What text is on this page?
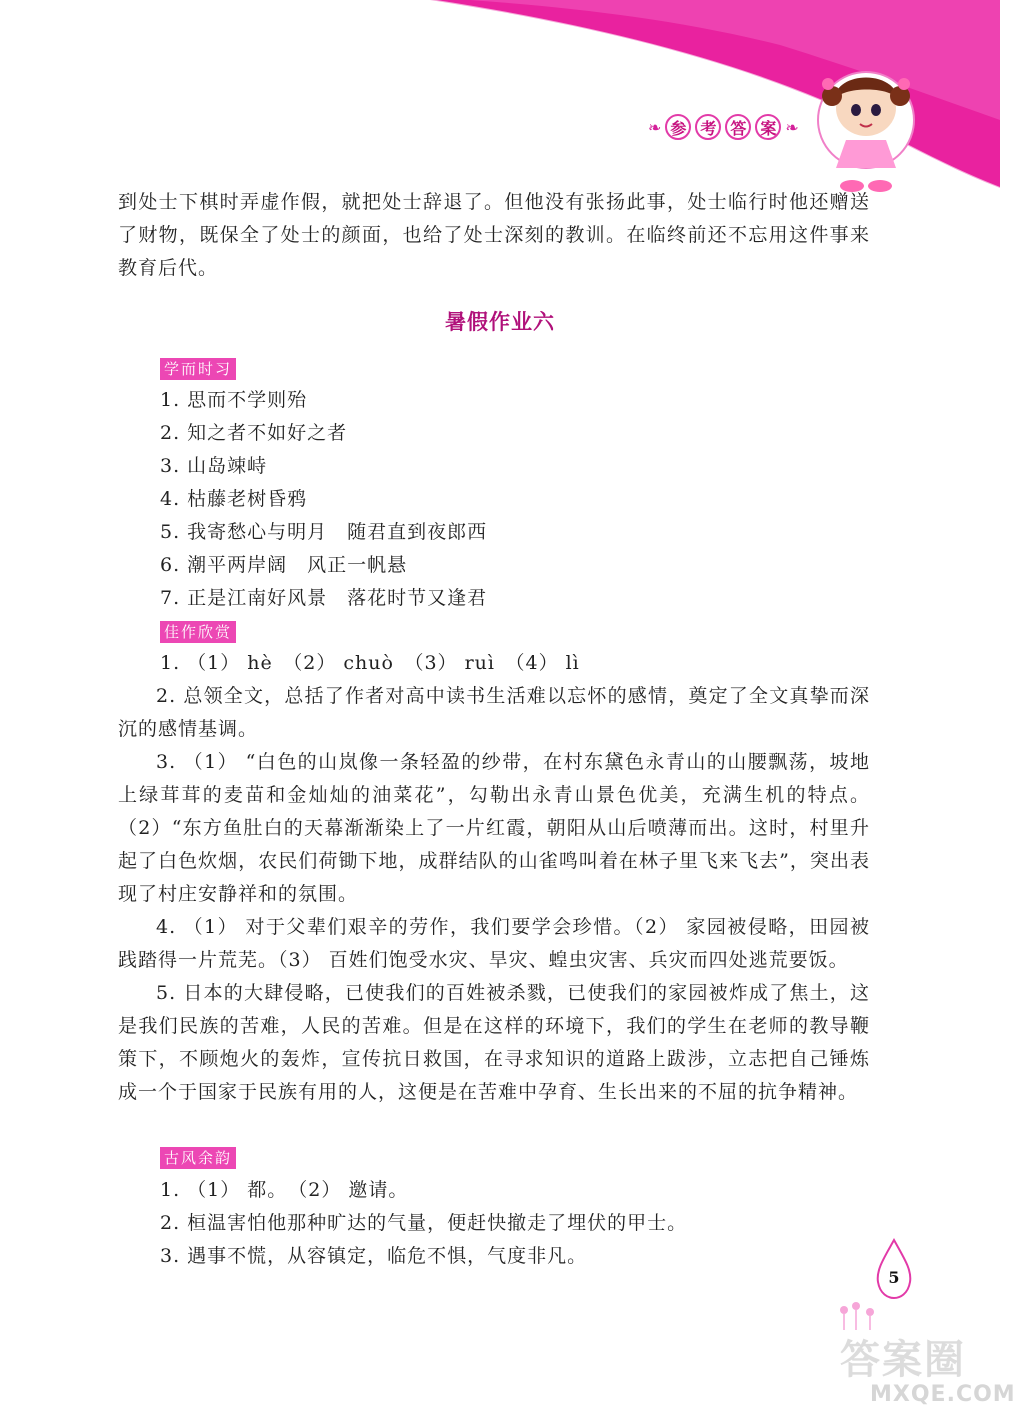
❧ 参 考 答 案 ❧

到处士下棋时弄虚作假，就把处士辞退了。但他没有张扬此事，处士临行时他还赠送了财物，既保全了处士的颜面，也给了处士深刻的教训。在临终前还不忘用这件事来教育后代。

暑假作业六
学而时习
1. 思而不学则殆
2. 知之者不如好之者
3. 山岛竦峙
4. 枯藤老树昏鸦
5. 我寄愁心与明月　随君直到夜郎西
6. 潮平两岸阔　风正一帆悬
7. 正是江南好风景　落花时节又逢君
佳作欣赏
1. （1） hè　（2） chuò　（3） ruì　（4） lì

2. 总领全文，总括了作者对高中读书生活难以忘怀的感情，奠定了全文真挚而深沉的感情基调。

3. （1） “白色的山岚像一条轻盈的纱带，在村东黛色永青山的山腰飘荡，坡地上绿茸茸的麦苗和金灿灿的油菜花”，勾勒出永青山景色优美，充满生机的特点。（2）“东方鱼肚白的天幕渐渐染上了一片红霞，朝阳从山后喷薄而出。这时，村里升起了白色炊烟，农民们荷锄下地，成群结队的山雀鸣叫着在林子里飞来飞去”，突出表现了村庄安静祥和的氛围。

4. （1） 对于父辈们艰辛的劳作，我们要学会珍惜。（2） 家园被侵略，田园被践踏得一片荒芜。（3） 百姓们饱受水灾、旱灾、蝗虫灾害、兵灾而四处逃荒要饭。

5. 日本的大肆侵略，已使我们的百姓被杀戮，已使我们的家园被炸成了焦土，这是我们民族的苦难，人民的苦难。但是在这样的环境下，我们的学生在老师的教导鞭策下，不顾炮火的轰炸，宣传抗日救国，在寻求知识的道路上跋涉，立志把自己锤炼成一个于国家于民族有用的人，这便是在苦难中孕育、生长出来的不屈的抗争精神。

古风余韵
1. （1） 都。　（2） 邀请。
2. 桓温害怕他那种旷达的气量，便赶快撤走了埋伏的甲士。
3. 遇事不慌，从容镇定，临危不惧，气度非凡。
5
答案圈
MXQE.COM
